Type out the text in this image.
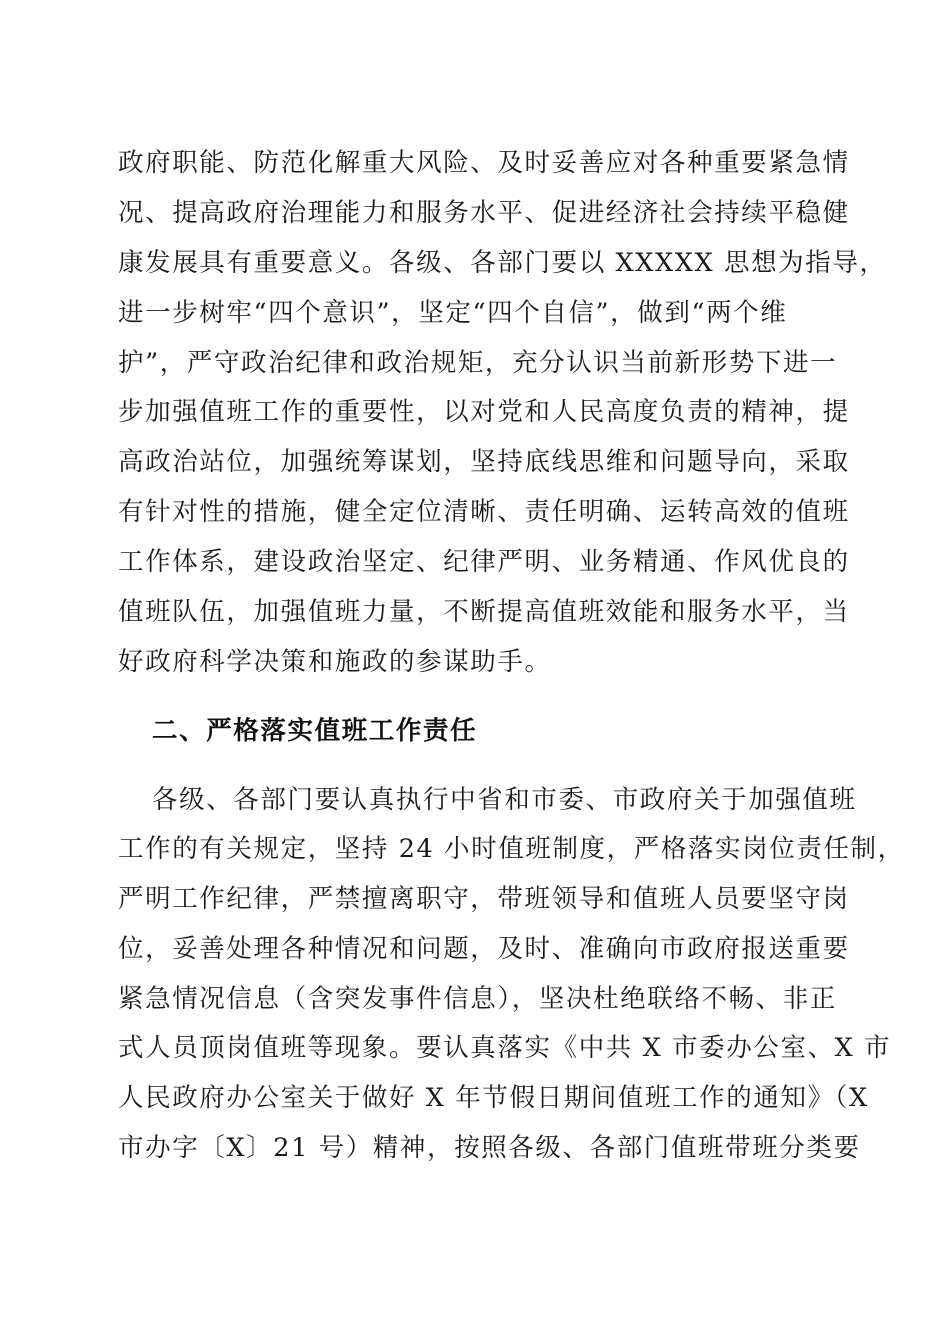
政府职能、防范化解重大风险、及时妥善应对各种重要紧急情
况、提高政府治理能力和服务水平、促进经济社会持续平稳健
康发展具有重要意义。各级、各部门要以 XXXXX 思想为指导，
进一步树牢“四个意识”，坚定“四个自信”，做到“两个维
护”，严守政治纪律和政治规矩，充分认识当前新形势下进一
步加强值班工作的重要性，以对党和人民高度负责的精神，提
高政治站位，加强统筹谋划，坚持底线思维和问题导向，采取
有针对性的措施，健全定位清晰、责任明确、运转高效的值班
工作体系，建设政治坚定、纪律严明、业务精通、作风优良的
值班队伍，加强值班力量，不断提高值班效能和服务水平，当
好政府科学决策和施政的参谋助手。
二、严格落实值班工作责任
各级、各部门要认真执行中省和市委、市政府关于加强值班
工作的有关规定，坚持 24 小时值班制度，严格落实岗位责任制，
严明工作纪律，严禁擅离职守，带班领导和值班人员要坚守岗
位，妥善处理各种情况和问题，及时、准确向市政府报送重要
紧急情况信息（含突发事件信息），坚决杜绝联络不畅、非正
式人员顶岗值班等现象。要认真落实《中共 X 市委办公室、X 市
人民政府办公室关于做好 X 年节假日期间值班工作的通知》（X
市办字〔X〕21 号）精神，按照各级、各部门值班带班分类要
